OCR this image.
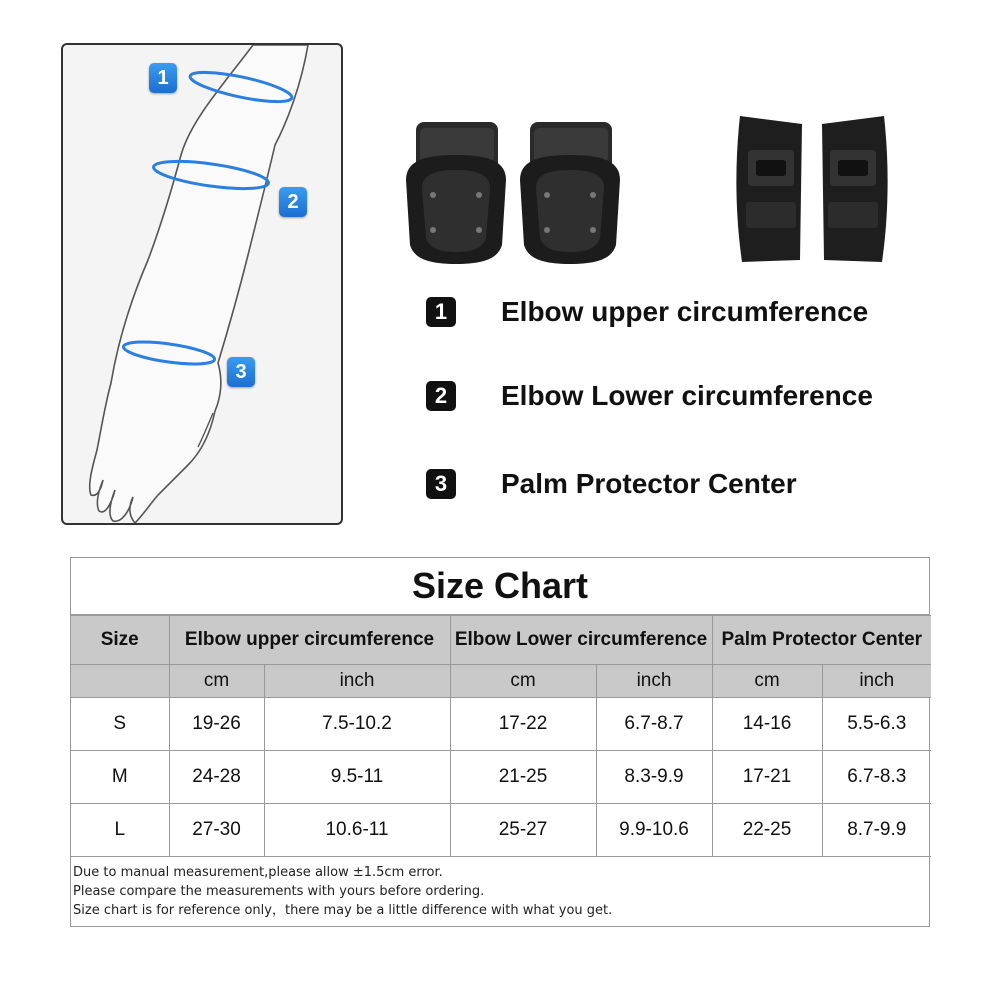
1
2
3
1	Elbow upper circumference
2	Elbow Lower circumference
3	Palm Protector Center
Size Chart
Size	Elbow upper circumference		Elbow Lower circumference		Palm Protector Center	
	cm	inch	cm	inch	cm	inch
S	19-26	7.5-10.2	17-22	6.7-8.7	14-16	5.5-6.3
M	24-28	9.5-11	21-25	8.3-9.9	17-21	6.7-8.3
L	27-30	10.6-11	25-27	9.9-10.6	22-25	8.7-9.9
Due to manual measurement,please allow ±1.5cm error.
Please compare the measurements with yours before ordering.
Size chart is for reference only，there may be a little difference with what you get.
